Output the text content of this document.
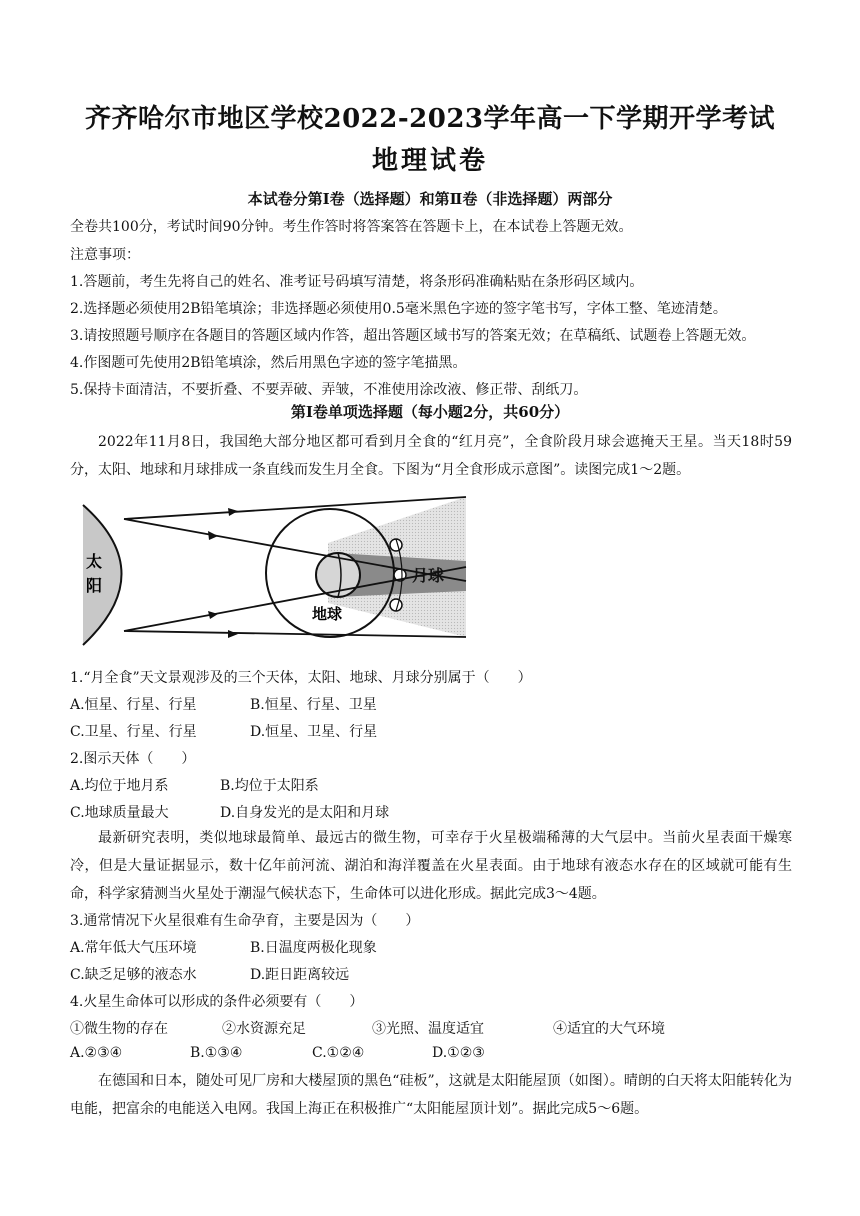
齐齐哈尔市地区学校2022-2023学年高一下学期开学考试
地理试卷
本试卷分第Ⅰ卷（选择题）和第Ⅱ卷（非选择题）两部分
全卷共100分，考试时间90分钟。考生作答时将答案答在答题卡上，在本试卷上答题无效。
注意事项：
1.答题前，考生先将自己的姓名、准考证号码填写清楚，将条形码准确粘贴在条形码区域内。
2.选择题必须使用2B铅笔填涂；非选择题必须使用0.5毫米黑色字迹的签字笔书写，字体工整、笔迹清楚。
3.请按照题号顺序在各题目的答题区域内作答，超出答题区域书写的答案无效；在草稿纸、试题卷上答题无效。
4.作图题可先使用2B铅笔填涂，然后用黑色字迹的签字笔描黑。
5.保持卡面清洁，不要折叠、不要弄破、弄皱，不准使用涂改液、修正带、刮纸刀。
第Ⅰ卷单项选择题（每小题2分，共60分）
2022年11月8日，我国绝大部分地区都可看到月全食的“红月亮”，全食阶段月球会遮掩天王星。当天18时59分，太阳、地球和月球排成一条直线而发生月全食。下图为“月全食形成示意图”。读图完成1～2题。
太
阳
地球
月球
1.“月全食”天文景观涉及的三个天体，太阳、地球、月球分别属于（　　）
A.恒星、行星、行星	B.恒星、行星、卫星
C.卫星、行星、行星	D.恒星、卫星、行星
2.图示天体（　　）
A.均位于地月系	B.均位于太阳系
C.地球质量最大	D.自身发光的是太阳和月球
最新研究表明，类似地球最简单、最远古的微生物，可幸存于火星极端稀薄的大气层中。当前火星表面干燥寒冷，但是大量证据显示，数十亿年前河流、湖泊和海洋覆盖在火星表面。由于地球有液态水存在的区域就可能有生命，科学家猜测当火星处于潮湿气候状态下，生命体可以进化形成。据此完成3～4题。
3.通常情况下火星很难有生命孕育，主要是因为（　　）
A.常年低大气压环境	B.日温度两极化现象
C.缺乏足够的液态水	D.距日距离较远
4.火星生命体可以形成的条件必须要有（　　）
①微生物的存在	②水资源充足	③光照、温度适宜	④适宜的大气环境
A.②③④	B.①③④	C.①②④	D.①②③
在德国和日本，随处可见厂房和大楼屋顶的黑色“硅板”，这就是太阳能屋顶（如图）。晴朗的白天将太阳能转化为电能，把富余的电能送入电网。我国上海正在积极推广“太阳能屋顶计划”。据此完成5～6题。
